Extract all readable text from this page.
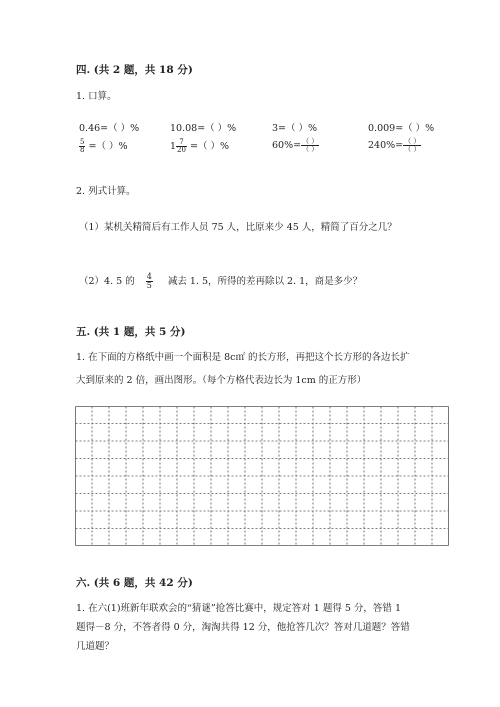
四. (共 2 题，共 18 分)
1. 口算。
0.46=（ ）%	10.08=（ ）%	3=（ ）%	0.009=（ ）%
$\frac{5}{8}$ =（ ）%	$1 \frac{7}{20}$ =（ ）%	$60\%= \frac{( )}{( )}$	$240\%= \frac{( )}{( )}$
2. 列式计算。
（1）某机关精简后有工作人员 75 人，比原来少 45 人，精简了百分之几？
（2）4. 5 的 $\frac{4}{5}$ 减去 1. 5，所得的差再除以 2. 1，商是多少？
五. (共 1 题，共 5 分)
1. 在下面的方格纸中画一个面积是 8c㎡ 的长方形，再把这个长方形的各边长扩
大到原来的 2 倍，画出图形。（每个方格代表边长为 1cm 的正方形）
六. (共 6 题，共 42 分)
1. 在六(1)班新年联欢会的“猜谜”抢答比赛中，规定答对 1 题得 5 分，答错 1
题得－8 分，不答者得 0 分，淘淘共得 12 分，他抢答几次？答对几道题？答错
几道题？
